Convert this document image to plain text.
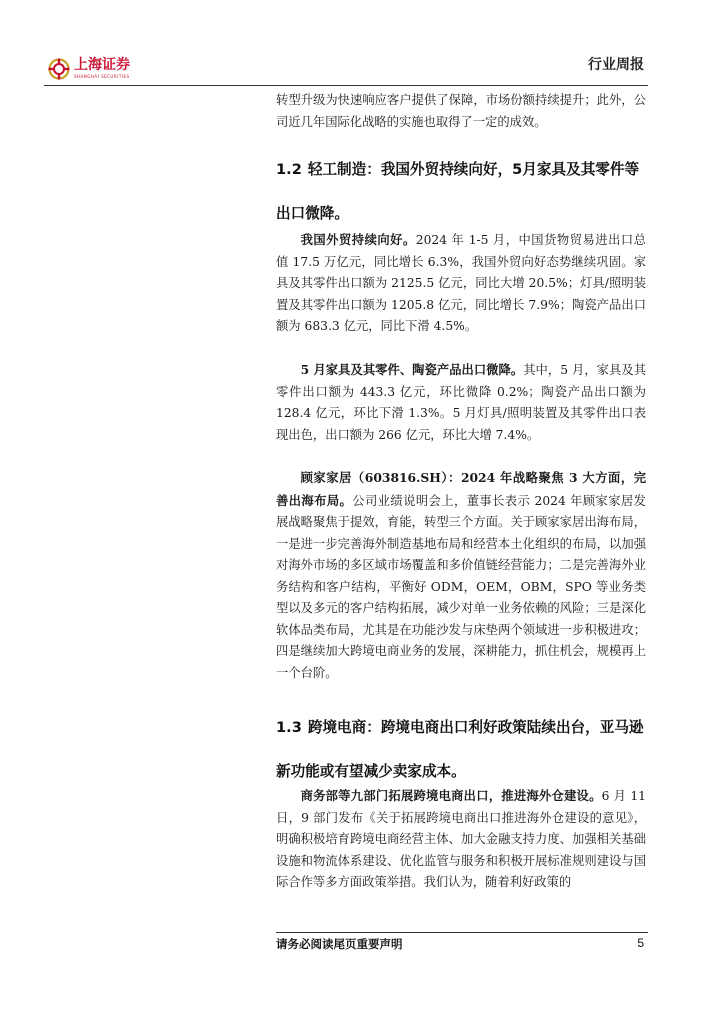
上海证券
SHANGHAI SECURITIES
行业周报
转型升级为快速响应客户提供了保障，市场份额持续提升；此外，公司近几年国际化战略的实施也取得了一定的成效。
1.2 轻工制造：我国外贸持续向好，5月家具及其零件等出口微降。
我国外贸持续向好。2024 年 1-5 月，中国货物贸易进出口总值 17.5 万亿元，同比增长 6.3%，我国外贸向好态势继续巩固。家具及其零件出口额为 2125.5 亿元，同比大增 20.5%；灯具/照明装置及其零件出口额为 1205.8 亿元，同比增长 7.9%；陶瓷产品出口额为 683.3 亿元，同比下滑 4.5%。
5 月家具及其零件、陶瓷产品出口微降。其中，5 月，家具及其零件出口额为 443.3 亿元，环比微降 0.2%；陶瓷产品出口额为 128.4 亿元，环比下滑 1.3%。5 月灯具/照明装置及其零件出口表现出色，出口额为 266 亿元，环比大增 7.4%。
顾家家居（603816.SH）：2024 年战略聚焦 3 大方面，完善出海布局。公司业绩说明会上，董事长表示 2024 年顾家家居发展战略聚焦于提效，育能，转型三个方面。关于顾家家居出海布局，一是进一步完善海外制造基地布局和经营本土化组织的布局，以加强对海外市场的多区域市场覆盖和多价值链经营能力；二是完善海外业务结构和客户结构，平衡好 ODM，OEM，OBM，SPO 等业务类型以及多元的客户结构拓展，减少对单一业务依赖的风险；三是深化软体品类布局，尤其是在功能沙发与床垫两个领域进一步积极进攻；四是继续加大跨境电商业务的发展，深耕能力，抓住机会，规模再上一个台阶。
1.3 跨境电商：跨境电商出口利好政策陆续出台，亚马逊新功能或有望减少卖家成本。
商务部等九部门拓展跨境电商出口，推进海外仓建设。6 月 11 日，9 部门发布《关于拓展跨境电商出口推进海外仓建设的意见》，明确积极培育跨境电商经营主体、加大金融支持力度、加强相关基础设施和物流体系建设、优化监管与服务和积极开展标准规则建设与国际合作等多方面政策举措。我们认为，随着利好政策的
请务必阅读尾页重要声明	5
